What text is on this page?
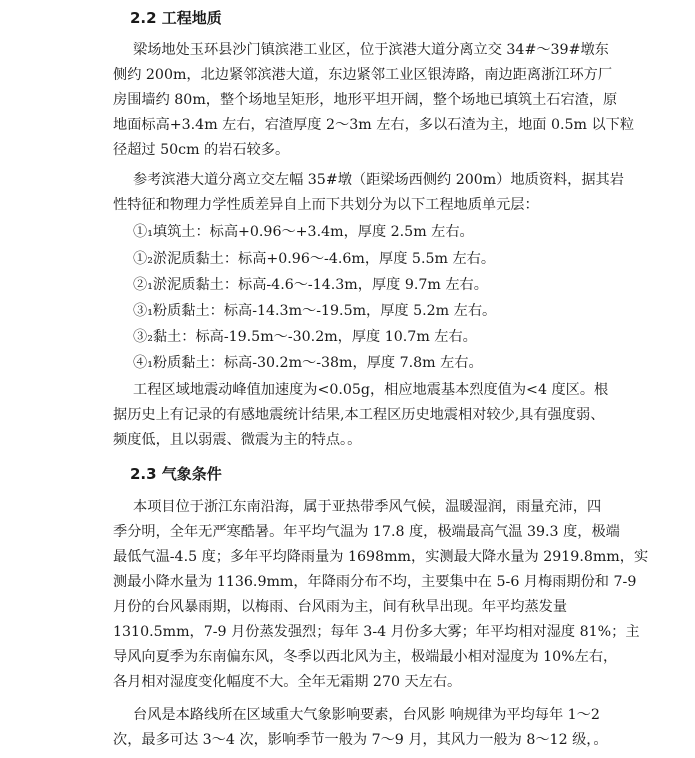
2.2 工程地质
梁场地处玉环县沙门镇滨港工业区，位于滨港大道分离立交 34#～39#墩东
侧约 200m，北边紧邻滨港大道，东边紧邻工业区银涛路，南边距离浙江环方厂
房围墙约 80m，整个场地呈矩形，地形平坦开阔，整个场地已填筑土石宕渣，原
地面标高+3.4m 左右，宕渣厚度 2～3m 左右，多以石渣为主，地面 0.5m 以下粒
径超过 50cm 的岩石较多。
参考滨港大道分离立交左幅 35#墩（距梁场西侧约 200m）地质资料，据其岩
性特征和物理力学性质差异自上而下共划分为以下工程地质单元层：
①₁填筑土：标高+0.96～+3.4m，厚度 2.5m 左右。
①₂淤泥质黏土：标高+0.96～-4.6m，厚度 5.5m 左右。
②₁淤泥质黏土：标高-4.6～-14.3m，厚度 9.7m 左右。
③₁粉质黏土：标高-14.3m～-19.5m，厚度 5.2m 左右。
③₂黏土：标高-19.5m～-30.2m，厚度 10.7m 左右。
④₁粉质黏土：标高-30.2m～-38m，厚度 7.8m 左右。
工程区域地震动峰值加速度为<0.05g，相应地震基本烈度值为<4 度区。根
据历史上有记录的有感地震统计结果,本工程区历史地震相对较少,具有强度弱、
频度低，且以弱震、微震为主的特点。。
2.3 气象条件
本项目位于浙江东南沿海，属于亚热带季风气候，温暖湿润，雨量充沛，四
季分明，全年无严寒酷暑。年平均气温为 17.8 度，极端最高气温 39.3 度，极端
最低气温-4.5 度；多年平均降雨量为 1698mm，实测最大降水量为 2919.8mm，实
测最小降水量为 1136.9mm，年降雨分布不均，主要集中在 5-6 月梅雨期份和 7-9
月份的台风暴雨期，以梅雨、台风雨为主，间有秋旱出现。年平均蒸发量
1310.5mm，7-9 月份蒸发强烈；每年 3-4 月份多大雾；年平均相对湿度 81%；主
导风向夏季为东南偏东风，冬季以西北风为主，极端最小相对湿度为 10%左右，
各月相对湿度变化幅度不大。全年无霜期 270 天左右。
台风是本路线所在区域重大气象影响要素，台风影 响规律为平均每年 1～2
次，最多可达 3～4 次，影响季节一般为 7～9 月，其风力一般为 8～12 级，。
